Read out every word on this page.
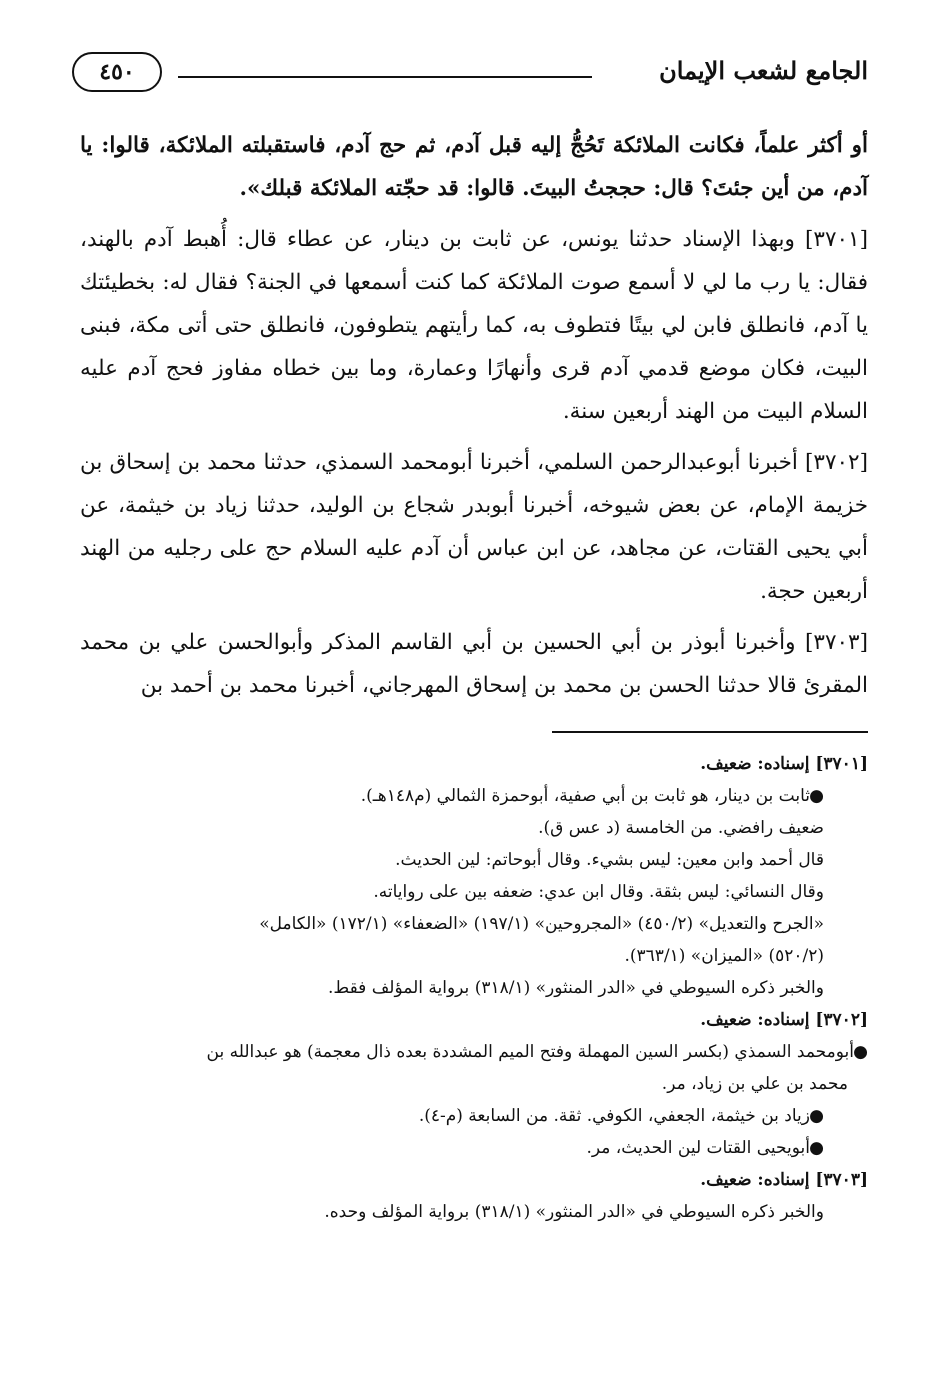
الجامع لشعب الإيمان
٤٥٠

أو أكثر علماً، فكانت الملائكة تَحُجُّ إليه قبل آدم، ثم حج آدم، فاستقبلته الملائكة، قالوا: يا آدم، من أين جئتَ؟ قال: حججتُ البيتَ. قالوا: قد حجّته الملائكة قبلك».

[٣٧٠١] وبهذا الإسناد حدثنا يونس، عن ثابت بن دينار، عن عطاء قال: أُهبط آدم بالهند، فقال: يا رب ما لي لا أسمع صوت الملائكة كما كنت أسمعها في الجنة؟ فقال له: بخطيئتك يا آدم، فانطلق فابن لي بيتًا فتطوف به، كما رأيتهم يتطوفون، فانطلق حتى أتى مكة، فبنى البيت، فكان موضع قدمي آدم قرى وأنهارًا وعمارة، وما بين خطاه مفاوز فحج آدم عليه السلام البيت من الهند أربعين سنة.

[٣٧٠٢] أخبرنا أبوعبدالرحمن السلمي، أخبرنا أبومحمد السمذي، حدثنا محمد بن إسحاق بن خزيمة الإمام، عن بعض شيوخه، أخبرنا أبوبدر شجاع بن الوليد، حدثنا زياد بن خيثمة، عن أبي يحيى القتات، عن مجاهد، عن ابن عباس أن آدم عليه السلام حج على رجليه من الهند أربعين حجة.

[٣٧٠٣] وأخبرنا أبوذر بن أبي الحسين بن أبي القاسم المذكر وأبوالحسن علي بن محمد المقرئ قالا حدثنا الحسن بن محمد بن إسحاق المهرجاني، أخبرنا محمد بن أحمد بن

[٣٧٠١] إسناده: ضعيف.
●ثابت بن دينار، هو ثابت بن أبي صفية، أبوحمزة الثمالي (م١٤٨هـ).
ضعيف رافضي. من الخامسة (د عس ق).
قال أحمد وابن معين: ليس بشيء. وقال أبوحاتم: لين الحديث.
وقال النسائي: ليس بثقة. وقال ابن عدي: ضعفه بين على رواياته.
«الجرح والتعديل» (٤٥٠/٢) «المجروحين» (١٩٧/١) «الضعفاء» (١٧٢/١) «الكامل»
(٥٢٠/٢) «الميزان» (٣٦٣/١).
والخبر ذكره السيوطي في «الدر المنثور» (٣١٨/١) برواية المؤلف فقط.
[٣٧٠٢] إسناده: ضعيف.
●أبومحمد السمذي (بكسر السين المهملة وفتح الميم المشددة بعده ذال معجمة) هو عبدالله بن
محمد بن علي بن زياد، مر.
●زياد بن خيثمة، الجعفي، الكوفي. ثقة. من السابعة (م-٤).
●أبويحيى القتات لين الحديث، مر.
[٣٧٠٣] إسناده: ضعيف.
والخبر ذكره السيوطي في «الدر المنثور» (٣١٨/١) برواية المؤلف وحده.
